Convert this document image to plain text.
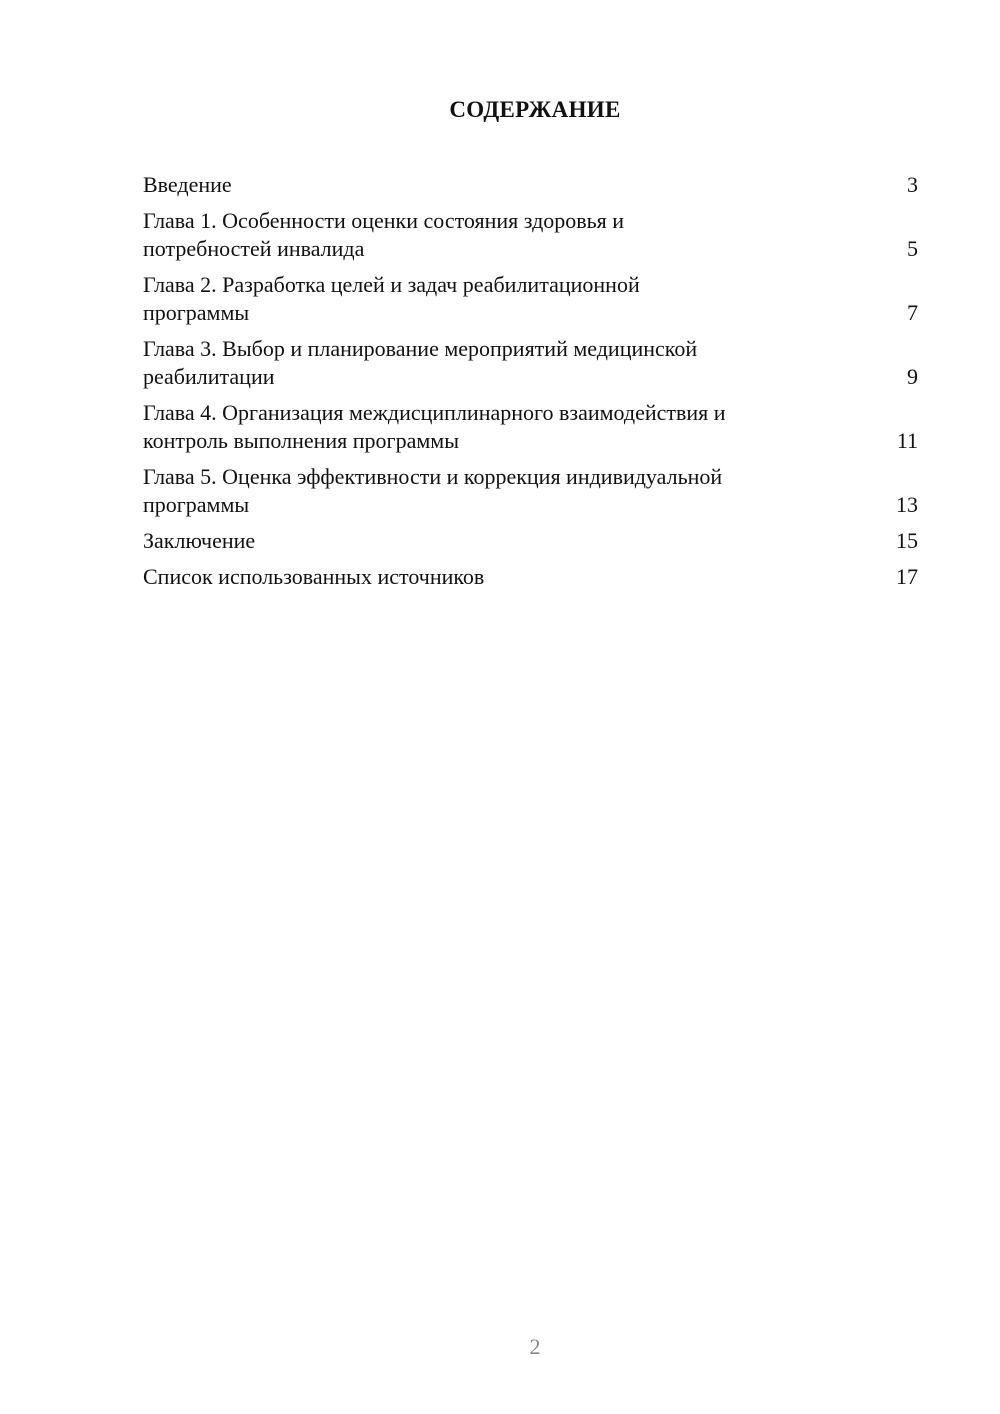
СОДЕРЖАНИЕ
Введение	3
Глава 1. Особенности оценки состояния здоровья и
потребностей инвалида	5
Глава 2. Разработка целей и задач реабилитационной
программы	7
Глава 3. Выбор и планирование мероприятий медицинской
реабилитации	9
Глава 4. Организация междисциплинарного взаимодействия и
контроль выполнения программы	11
Глава 5. Оценка эффективности и коррекция индивидуальной
программы	13
Заключение	15
Список использованных источников	17
2
